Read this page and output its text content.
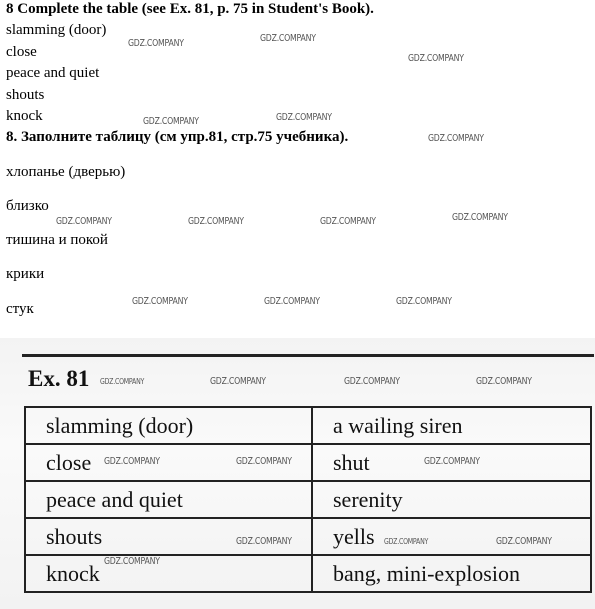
8 Complete the table (see Ex. 81, p. 75 in Student's Book).
slamming (door)
close
peace and quiet
shouts
knock
8. Заполните таблицу (см упр.81, стр.75 учебника).
хлопанье (дверью)
близко
тишина и покой
крики
стук
Ex. 81
slamming (door)	a wailing siren
close	shut
peace and quiet	serenity
shouts	yells
knock	bang, mini-explosion
GDZ.COMPANY	GDZ.COMPANY
GDZ.COMPANY
GDZ.COMPANY	GDZ.COMPANY
GDZ.COMPANY
GDZ.COMPANY	GDZ.COMPANY	GDZ.COMPANY	GDZ.COMPANY
GDZ.COMPANY	GDZ.COMPANY	GDZ.COMPANY
GDZ.COMPANY	GDZ.COMPANY	GDZ.COMPANY	GDZ.COMPANY
GDZ.COMPANY	GDZ.COMPANY	GDZ.COMPANY
GDZ.COMPANY	GDZ.COMPANY	GDZ.COMPANY
GDZ.COMPANY
